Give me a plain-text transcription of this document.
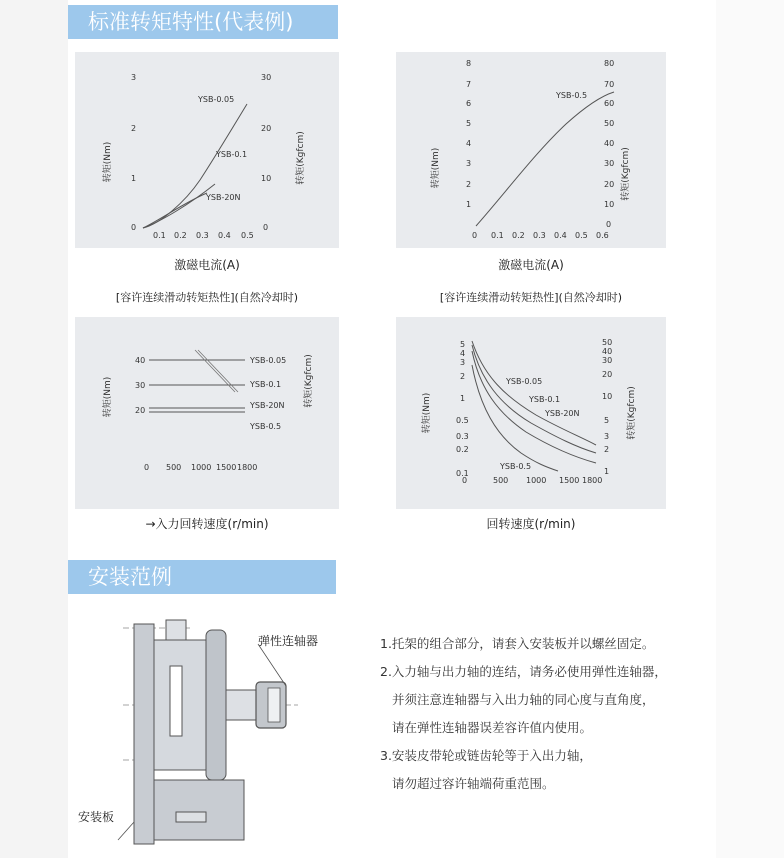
标准转矩特性(代表例)
3
2
1
0
30
20
10
0
0.1 0.2 0.3 0.4 0.5
转矩(Nm)	转矩(Kgfcm)
YSB-0.05
YSB-0.1
YSB-20N
激磁电流(A)
8
7
6
5
4
3
2
1
80
70
60
50
40
30
20
10
0
0 0.1 0.2 0.3 0.4 0.5 0.6
转矩(Nm)	转矩(Kgfcm)
YSB-0.5
激磁电流(A)
[容许连续滑动转矩热性](自然冷却时)	[容许连续滑动转矩热性](自然冷却时)
40
30
20
YSB-0.05
YSB-0.1
YSB-20N
YSB-0.5
0 500 1000 1500 1800
转矩(Nm)	转矩(Kgfcm)
→入力回转速度(r/min)
5
4
3
2
1
0.5
0.3
0.2
0.1
50
40
30
20
10
5
3
2
1
0	500 1000 1500 1800
转矩(Nm)	转矩(Kgfcm)
YSB-0.05
YSB-0.1
YSB-20N
YSB-0.5
回转速度(r/min)
安装范例
弹性连轴器
安装板
1.托架的组合部分，请套入安装板并以螺丝固定。
2.入力轴与出力轴的连结，请务必使用弹性连轴器，
并须注意连轴器与入出力轴的同心度与直角度，
请在弹性连轴器误差容许值内使用。
3.安装皮带轮或链齿轮等于入出力轴，
请勿超过容许轴端荷重范围。
